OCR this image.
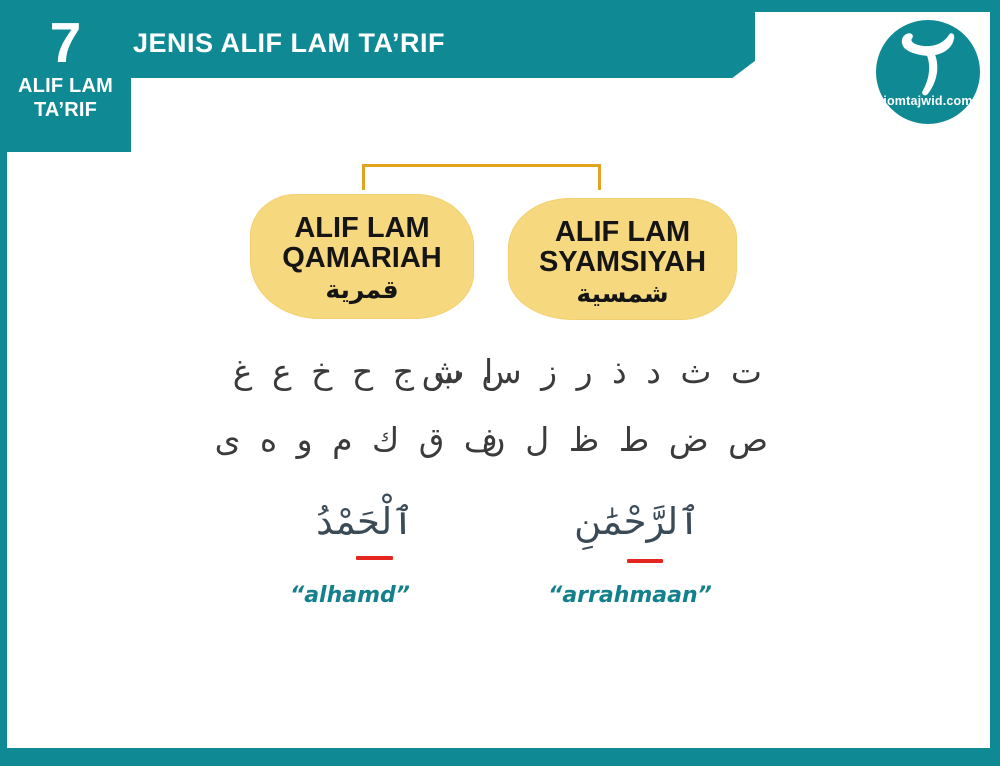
JENIS ALIF LAM TA’RIF
7
ALIF LAM
TA’RIF	jomtajwid.com
ALIF LAM
QAMARIAH
قمرية
ALIF LAM
SYAMSIYAH
شمسية
ا ب ج ح خ ع غ
ف ق ك م و ه ى
ت ث د ذ ر ز س ش
ص ض ط ظ ل ن
ٱلْحَمْدُ	ٱلرَّحْمَٰنِ
“alhamd”	“arrahmaan”
